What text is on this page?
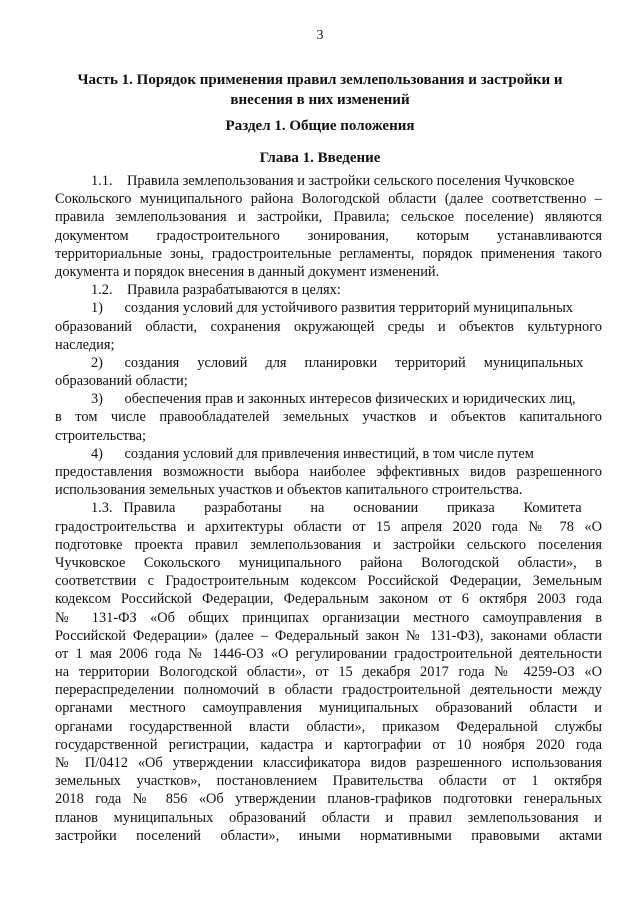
3
Часть 1. Порядок применения правил землепользования и застройки и
внесения в них изменений
Раздел 1. Общие положения
Глава 1. Введение
1.1.    Правила землепользования и застройки сельского поселения Чучковское
Сокольского муниципального района Вологодской области (далее соответственно –
правила землепользования и застройки, Правила; сельское поселение) являются
документом градостроительного зонирования, которым устанавливаются
территориальные зоны, градостроительные регламенты, порядок применения такого
документа и порядок внесения в данный документ изменений.
1.2.    Правила разрабатываются в целях:
1)      создания условий для устойчивого развития территорий муниципальных
образований области, сохранения окружающей среды и объектов культурного
наследия;
2)      создания     условий     для     планировки     территорий     муниципальных
образований области;
3)      обеспечения прав и законных интересов физических и юридических лиц,
в том числе правообладателей земельных участков и объектов капитального
строительства;
4)      создания условий для привлечения инвестиций, в том числе путем
предоставления возможности выбора наиболее эффективных видов разрешенного
использования земельных участков и объектов капитального строительства.
1.3.   Правила        разработаны        на        основании        приказа        Комитета
градостроительства и архитектуры области от 15 апреля 2020 года № 78 «О
подготовке проекта правил землепользования и застройки сельского поселения
Чучковское Сокольского муниципального района Вологодской области», в
соответствии с Градостроительным кодексом Российской Федерации, Земельным
кодексом Российской Федерации, Федеральным законом от 6 октября 2003 года
№ 131-ФЗ «Об общих принципах организации местного самоуправления в
Российской Федерации» (далее – Федеральный закон № 131-ФЗ), законами области
от 1 мая 2006 года № 1446-ОЗ «О регулировании градостроительной деятельности
на территории Вологодской области», от 15 декабря 2017 года № 4259-ОЗ «О
перераспределении полномочий в области градостроительной деятельности между
органами местного самоуправления муниципальных образований области и
органами государственной власти области», приказом Федеральной службы
государственной регистрации, кадастра и картографии от 10 ноября 2020 года
№ П/0412 «Об утверждении классификатора видов разрешенного использования
земельных участков», постановлением Правительства области от 1 октября
2018 года № 856 «Об утверждении планов-графиков подготовки генеральных
планов муниципальных образований области и правил землепользования и
застройки поселений области», иными нормативными правовыми актами
